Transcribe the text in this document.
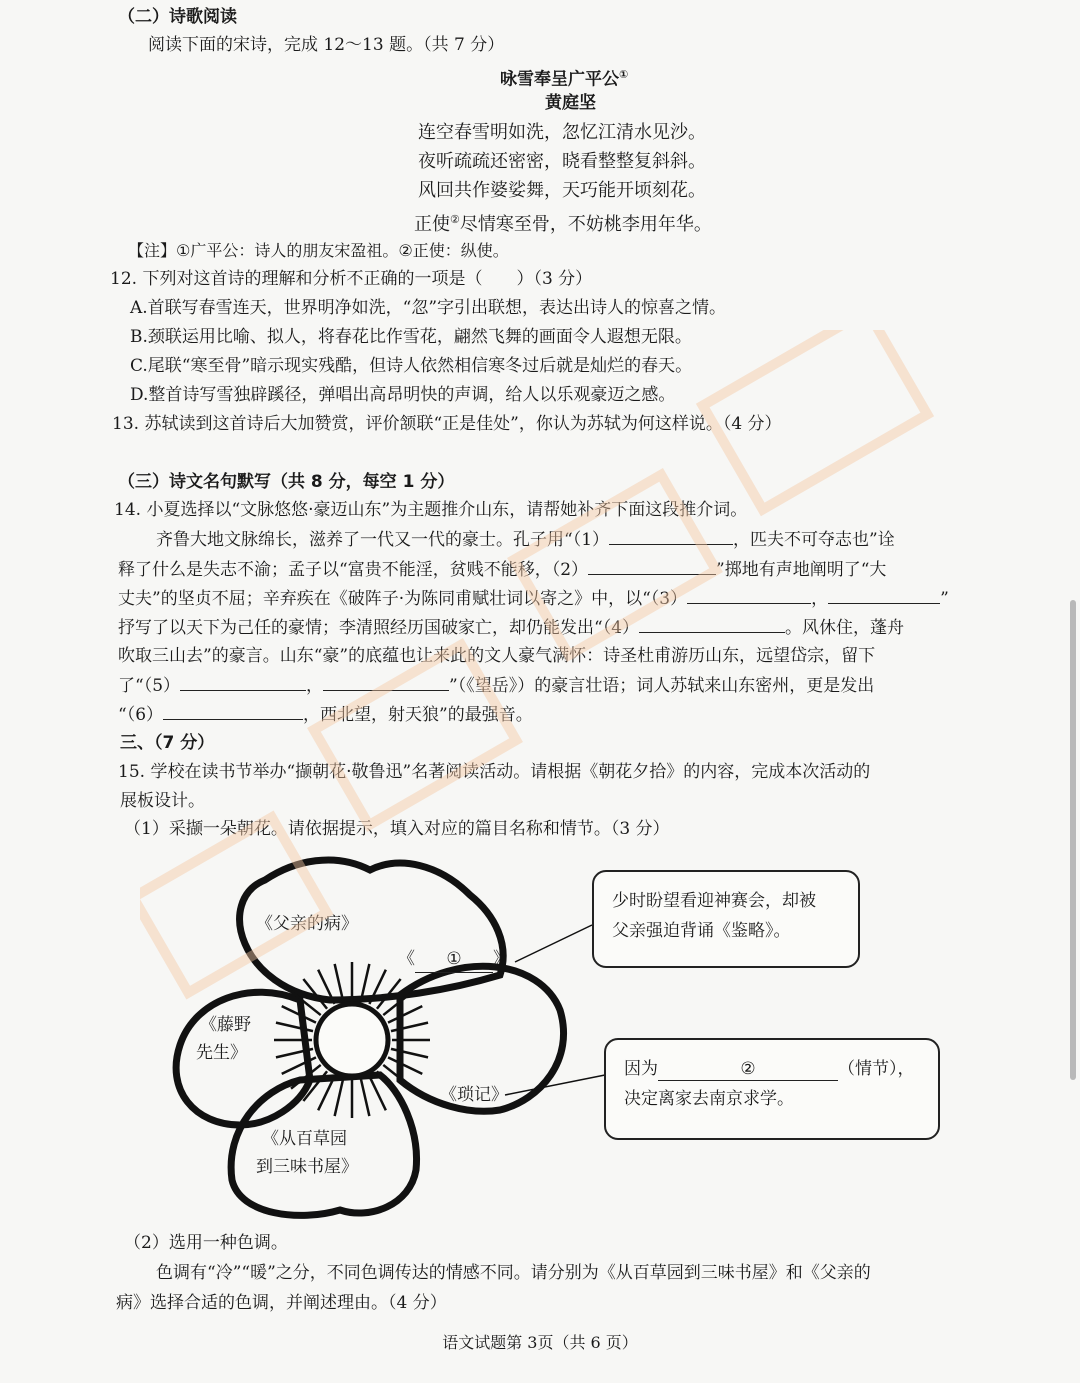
（二）诗歌阅读
阅读下面的宋诗，完成 12～13 题。（共 7 分）
咏雪奉呈广平公①
黄庭坚
连空春雪明如洗，忽忆江清水见沙。
夜听疏疏还密密，晓看整整复斜斜。
风回共作婆娑舞，天巧能开顷刻花。
正使②尽情寒至骨，不妨桃李用年华。
【注】①广平公：诗人的朋友宋盈祖。②正使：纵使。
12. 下列对这首诗的理解和分析不正确的一项是（　　）（3 分）
A.首联写春雪连天，世界明净如洗，“忽”字引出联想，表达出诗人的惊喜之情。
B.颈联运用比喻、拟人，将春花比作雪花，翩然飞舞的画面令人遐想无限。
C.尾联“寒至骨”暗示现实残酷，但诗人依然相信寒冬过后就是灿烂的春天。
D.整首诗写雪独辟蹊径，弹唱出高昂明快的声调，给人以乐观豪迈之感。
13. 苏轼读到这首诗后大加赞赏，评价颔联“正是佳处”，你认为苏轼为何这样说。（4 分）
（三）诗文名句默写（共 8 分，每空 1 分）
14. 小夏选择以“文脉悠悠·豪迈山东”为主题推介山东，请帮她补齐下面这段推介词。
齐鲁大地文脉绵长，滋养了一代又一代的豪士。孔子用“（1）	，匹夫不可夺志也”诠
释了什么是失志不渝；孟子以“富贵不能淫，贫贱不能移，（2）	”掷地有声地阐明了“大
丈夫”的坚贞不屈；辛弃疾在《破阵子·为陈同甫赋壮词以寄之》中，以“（3）	，	”
抒写了以天下为己任的豪情；李清照经历国破家亡，却仍能发出“（4）	。风休住，蓬舟
吹取三山去”的豪言。山东“豪”的底蕴也让来此的文人豪气满怀：诗圣杜甫游历山东，远望岱宗，留下
了“（5）	，	”（《望岳》）的豪言壮语；词人苏轼来山东密州，更是发出
“（6）	，西北望，射天狼”的最强音。
三、（7 分）
15. 学校在读书节举办“撷朝花·敬鲁迅”名著阅读活动。请根据《朝花夕拾》的内容，完成本次活动的
展板设计。
（1）采撷一朵朝花。请依据提示，填入对应的篇目名称和情节。（3 分）
《父亲的病》
《 ① 》
《藤野
先生》
《琐记》
《从百草园
到三味书屋》
少时盼望看迎神赛会，却被
父亲强迫背诵《鉴略》。
因为	②	（情节），
决定离家去南京求学。
（2）选用一种色调。
色调有“冷”“暖”之分，不同色调传达的情感不同。请分别为《从百草园到三味书屋》和《父亲的
病》选择合适的色调，并阐述理由。（4 分）
语文试题第 3页（共 6 页）
